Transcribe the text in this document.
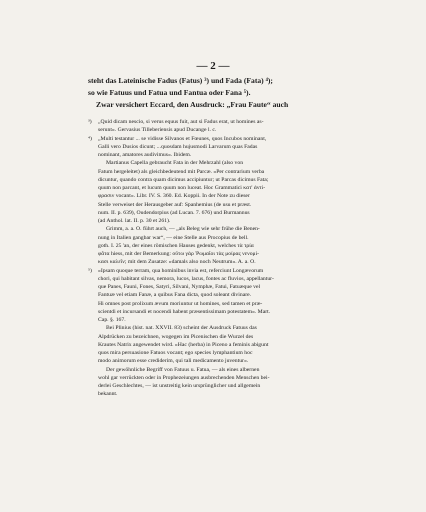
— 2 —
steht das Lateinische Fadus (Fatus) ³) und Fada (Fata) ⁴);
so wie Fatuus und Fatua und Fantua oder Fana ⁵).
Zwar versichert Eccard, den Ausdruck: „Frau Faute“ auch
³) „Quid dicam nescio, si verus equus fuit, aut si Fadus erat, ut homines as-
serunt«. Gervasius Tilleberiensis apud Ducange l. c.
⁴) „Multi testantur ... se vidisse Silvanos et Fœunes, quos Incubos nominant,
Galli vero Dusios dicunt; ...quosdam hujusmodi Larvarum quas Fadas
nominant, amatores audivimus«. Ibidem.
Martianus Capella gebraucht Fata in der Mehrzahl (also von
Fatum hergeleitet) als gleichbedeutend mit Parcæ. »Per contrarium verba
dicuntur, quando contra quam dicimus accipiuntur; ut Parcas dicimus Fata;
quum non parcant, et lucum quum non luceat. Hoc Grammatici κατ' ἀντί-
φρασιν vocant«. Libr. IV. S. 360. Ed. Koppii. In der Note zu dieser
Stelle verweiset der Herausgeber auf: Spanhemius (de usu et præst.
num. II. p. 639), Oudendorpius (ad Lucan. 7. 676) und Burmannus
(ad Anthol. lat. II. p. 30 et 261).
Grimm, a. a. O. führt auch, — „als Beleg wie sehr frühe die Benen-
nung in Italien gangbar war“, — eine Stelle aus Procopius de bell.
goth. I. 25 'an, der eines römischen Hauses gedenkt, welches τὰ τρία
φᾶτα hiess, mit der Bemerkung: οὕτω γὰρ Ῥωμαῖοι τὰς μοίρας νενομί-
κασι καλεῖν; mit dem Zusatze: »damals also noch Neutrum«. A. a. O.
⁵) »Ipsam quoque terram, qua hominibus invia est, referciunt Longævorum
chori, qui habitant silvas, nemora, lucos, lacus, fontes ac fluvios, appellantur-
que Panes, Fauni, Fones, Satyri, Silvani, Nymphæ, Fatui, Fatuæque vel
Fantuæ vel etiam Fanæ, a quibus Fana dicta, quod soleant divinare.
Hi omnes post prolixum ævum moriuntur ut homines, sed tamen et præ-
scientdi et incursandi et nocendi habent præsentissimam potestatem«. Mart.
Cap. §. 167.
Bei Plinius (hist. nat. XXVII. 83) scheint der Ausdruck Fatuus das
Alpdrücken zu bezeichnen, wogegen im Picenischen die Wurzel des
Krautes Natrix angewendet wird. »Hac (herba) in Piceno a feminis abigunt
quos mira persuasione Fatuos vocant; ego species lymphantium hoc
modo animorum esse crediderim, qui tali medicamento juventur«.
Der gewöhnliche Begriff von Fatuus u. Fatua, — als eines albernen
wohl gar verrückten oder in Prophezeiungen ausbrechenden Menschen bei-
derlei Geschlechtes, — ist unstreitig kein ursprünglicher und allgemein
bekannt.
